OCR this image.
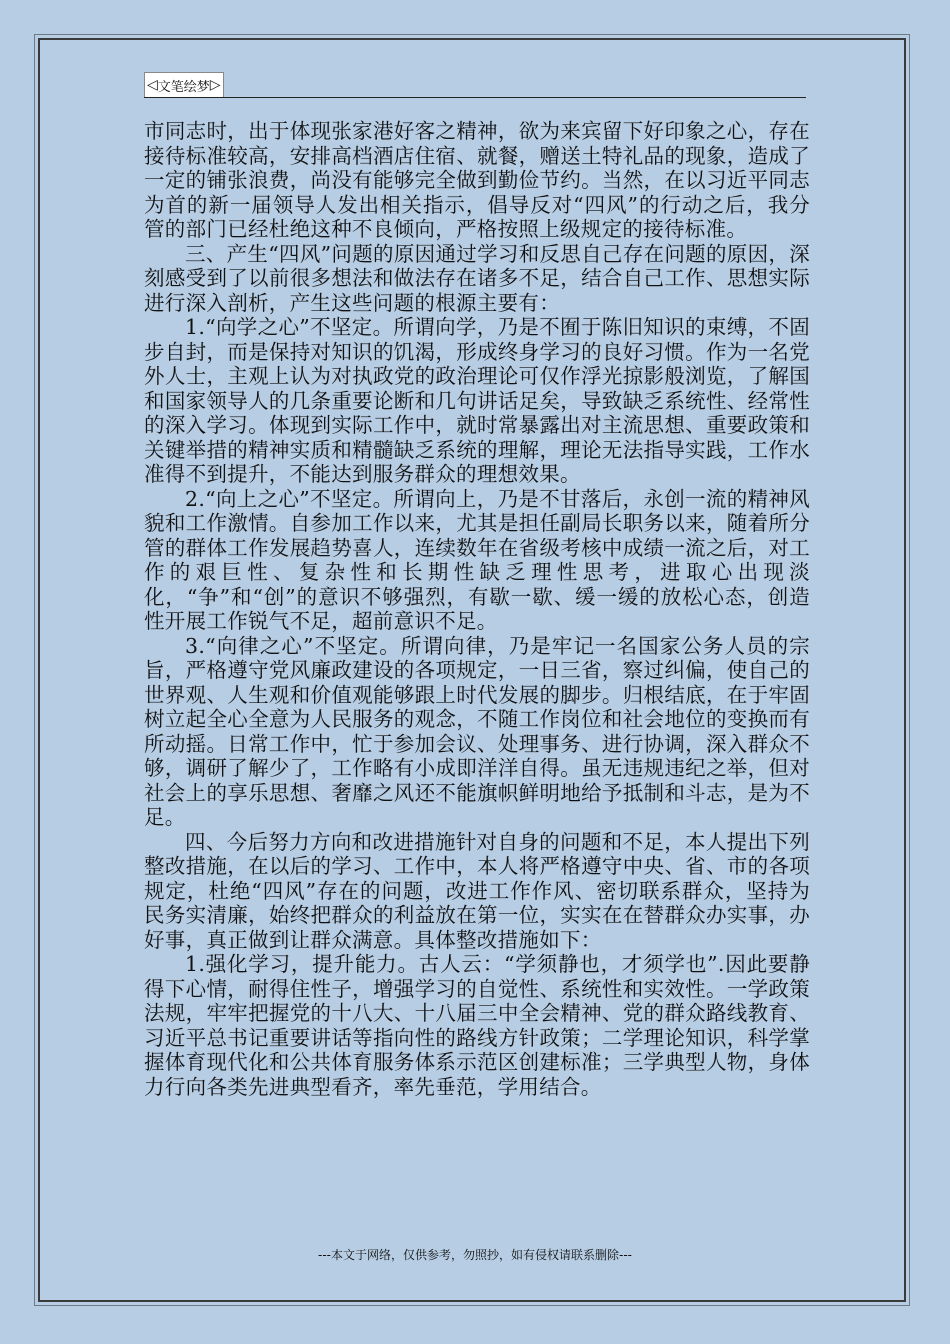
◁ 文笔绘梦 ▷

市同志时，出于体现张家港好客之精神，欲为来宾留下好印象之心，存在接待标准较高，安排高档酒店住宿、就餐，赠送土特礼品的现象，造成了一定的铺张浪费，尚没有能够完全做到勤俭节约。当然，在以习近平同志为首的新一届领导人发出相关指示，倡导反对“四风”的行动之后，我分管的部门已经杜绝这种不良倾向，严格按照上级规定的接待标准。

三、产生“四风”问题的原因通过学习和反思自己存在问题的原因，深刻感受到了以前很多想法和做法存在诸多不足，结合自己工作、思想实际进行深入剖析，产生这些问题的根源主要有：

1.“向学之心”不坚定。所谓向学，乃是不囿于陈旧知识的束缚，不固步自封，而是保持对知识的饥渴，形成终身学习的良好习惯。作为一名党外人士，主观上认为对执政党的政治理论可仅作浮光掠影般浏览，了解国和国家领导人的几条重要论断和几句讲话足矣，导致缺乏系统性、经常性的深入学习。体现到实际工作中，就时常暴露出对主流思想、重要政策和关键举措的精神实质和精髓缺乏系统的理解，理论无法指导实践，工作水准得不到提升，不能达到服务群众的理想效果。

2.“向上之心”不坚定。所谓向上，乃是不甘落后，永创一流的精神风貌和工作激情。自参加工作以来，尤其是担任副局长职务以来，随着所分管的群体工作发展趋势喜人，连续数年在省级考核中成绩一流之后，对工作的艰巨性、复杂性和长期性缺乏理性思考，进取心出现淡化，“争”和“创”的意识不够强烈，有歇一歇、缓一缓的放松心态，创造性开展工作锐气不足，超前意识不足。

3.“向律之心”不坚定。所谓向律，乃是牢记一名国家公务人员的宗旨，严格遵守党风廉政建设的各项规定，一日三省，察过纠偏，使自己的世界观、人生观和价值观能够跟上时代发展的脚步。归根结底，在于牢固树立起全心全意为人民服务的观念，不随工作岗位和社会地位的变换而有所动摇。日常工作中，忙于参加会议、处理事务、进行协调，深入群众不够，调研了解少了，工作略有小成即洋洋自得。虽无违规违纪之举，但对社会上的享乐思想、奢靡之风还不能旗帜鲜明地给予抵制和斗志，是为不足。

四、今后努力方向和改进措施针对自身的问题和不足，本人提出下列整改措施，在以后的学习、工作中，本人将严格遵守中央、省、市的各项规定，杜绝“四风”存在的问题，改进工作作风、密切联系群众，坚持为民务实清廉，始终把群众的利益放在第一位，实实在在替群众办实事，办好事，真正做到让群众满意。具体整改措施如下：

1.强化学习，提升能力。古人云：“学须静也，才须学也”.因此要静得下心情，耐得住性子，增强学习的自觉性、系统性和实效性。一学政策法规，牢牢把握党的十八大、十八届三中全会精神、党的群众路线教育、习近平总书记重要讲话等指向性的路线方针政策；二学理论知识，科学掌握体育现代化和公共体育服务体系示范区创建标准；三学典型人物，身体力行向各类先进典型看齐，率先垂范，学用结合。

---本文于网络，仅供参考，勿照抄，如有侵权请联系删除---
